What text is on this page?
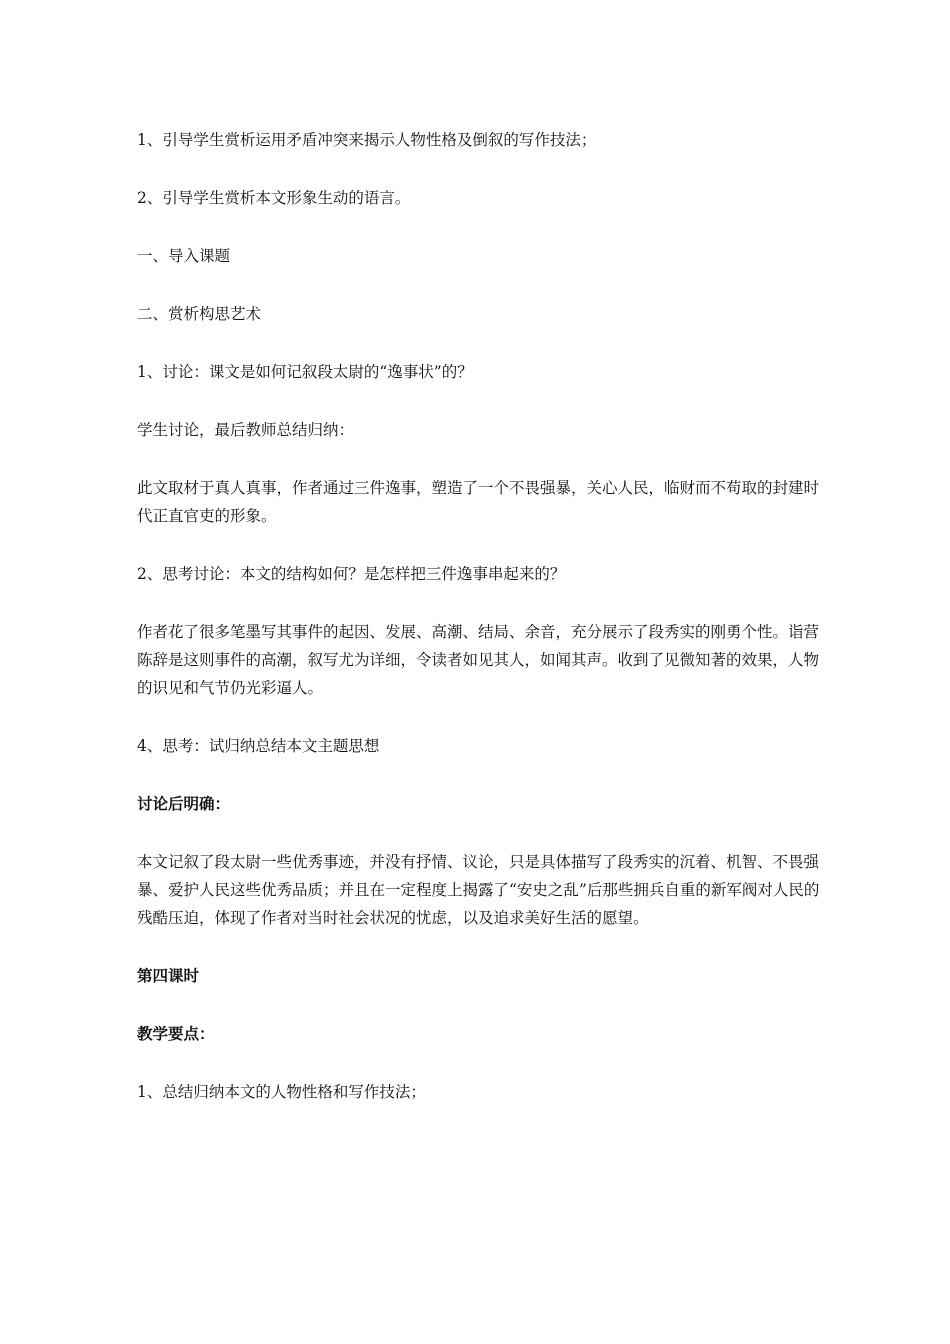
1、引导学生赏析运用矛盾冲突来揭示人物性格及倒叙的写作技法；

2、引导学生赏析本文形象生动的语言。

一、导入课题

二、赏析构思艺术

1、讨论：课文是如何记叙段太尉的“逸事状”的？

学生讨论，最后教师总结归纳：

此文取材于真人真事，作者通过三件逸事，塑造了一个不畏强暴，关心人民，临财而不苟取的封建时代正直官吏的形象。

2、思考讨论：本文的结构如何？是怎样把三件逸事串起来的？

作者花了很多笔墨写其事件的起因、发展、高潮、结局、余音，充分展示了段秀实的刚勇个性。诣营陈辞是这则事件的高潮，叙写尤为详细，令读者如见其人，如闻其声。收到了见微知著的效果，人物的识见和气节仍光彩逼人。

4、思考：试归纳总结本文主题思想

讨论后明确：

本文记叙了段太尉一些优秀事迹，并没有抒情、议论，只是具体描写了段秀实的沉着、机智、不畏强暴、爱护人民这些优秀品质；并且在一定程度上揭露了“安史之乱”后那些拥兵自重的新军阀对人民的残酷压迫，体现了作者对当时社会状况的忧虑，以及追求美好生活的愿望。

第四课时

教学要点：

1、总结归纳本文的人物性格和写作技法；
